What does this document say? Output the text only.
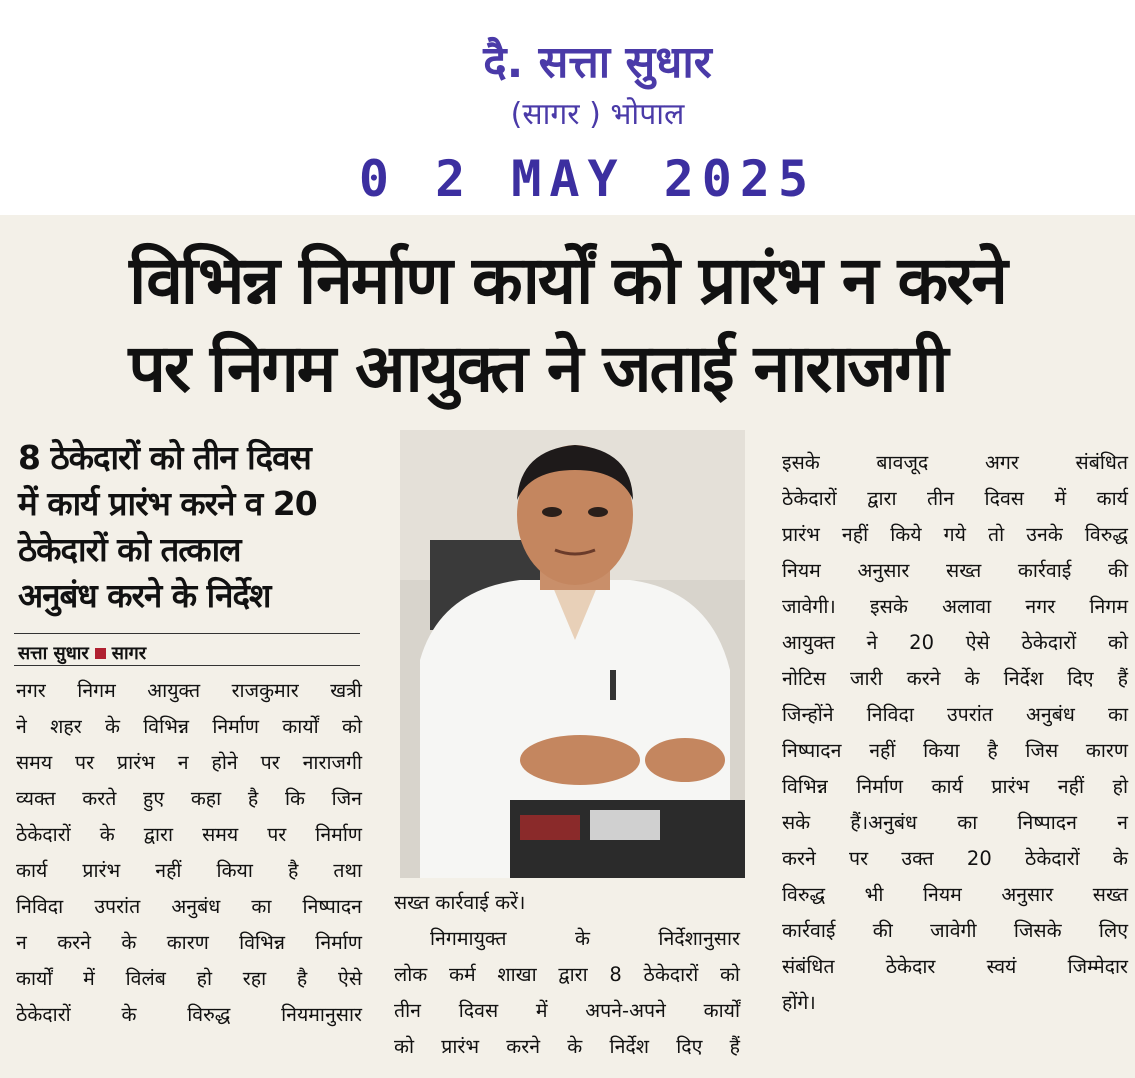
दै. सत्ता सुधार
(सागर ) भोपाल
0 2 MAY 2025
विभिन्न निर्माण कार्यों को प्रारंभ न करने
पर निगम आयुक्त ने जताई नाराजगी
8 ठेकेदारों को तीन दिवस
में कार्य प्रारंभ करने व 20
ठेकेदारों को तत्काल
अनुबंध करने के निर्देश
सत्ता सुधार सागर
नगर निगम आयुक्त राजकुमार खत्री
ने शहर के विभिन्न निर्माण कार्यों को
समय पर प्रारंभ न होने पर नाराजगी
व्यक्त करते हुए कहा है कि जिन
ठेकेदारों के द्वारा समय पर निर्माण
कार्य प्रारंभ नहीं किया है तथा
निविदा उपरांत अनुबंध का निष्पादन
न करने के कारण विभिन्न निर्माण
कार्यों में विलंब हो रहा है ऐसे
ठेकेदारों के विरुद्ध नियमानुसार
सख्त कार्रवाई करें।
निगमायुक्त के निर्देशानुसार
लोक कर्म शाखा द्वारा 8 ठेकेदारों को
तीन दिवस में अपने-अपने कार्यों
को प्रारंभ करने के निर्देश दिए हैं
इसके बावजूद अगर संबंधित
ठेकेदारों द्वारा तीन दिवस में कार्य
प्रारंभ नहीं किये गये तो उनके विरुद्ध
नियम अनुसार सख्त कार्रवाई की
जावेगी। इसके अलावा नगर निगम
आयुक्त ने 20 ऐसे ठेकेदारों को
नोटिस जारी करने के निर्देश दिए हैं
जिन्होंने निविदा उपरांत अनुबंध का
निष्पादन नहीं किया है जिस कारण
विभिन्न निर्माण कार्य प्रारंभ नहीं हो
सके हैं।अनुबंध का निष्पादन न
करने पर उक्त 20 ठेकेदारों के
विरुद्ध भी नियम अनुसार सख्त
कार्रवाई की जावेगी जिसके लिए
संबंधित ठेकेदार स्वयं जिम्मेदार
होंगे।
